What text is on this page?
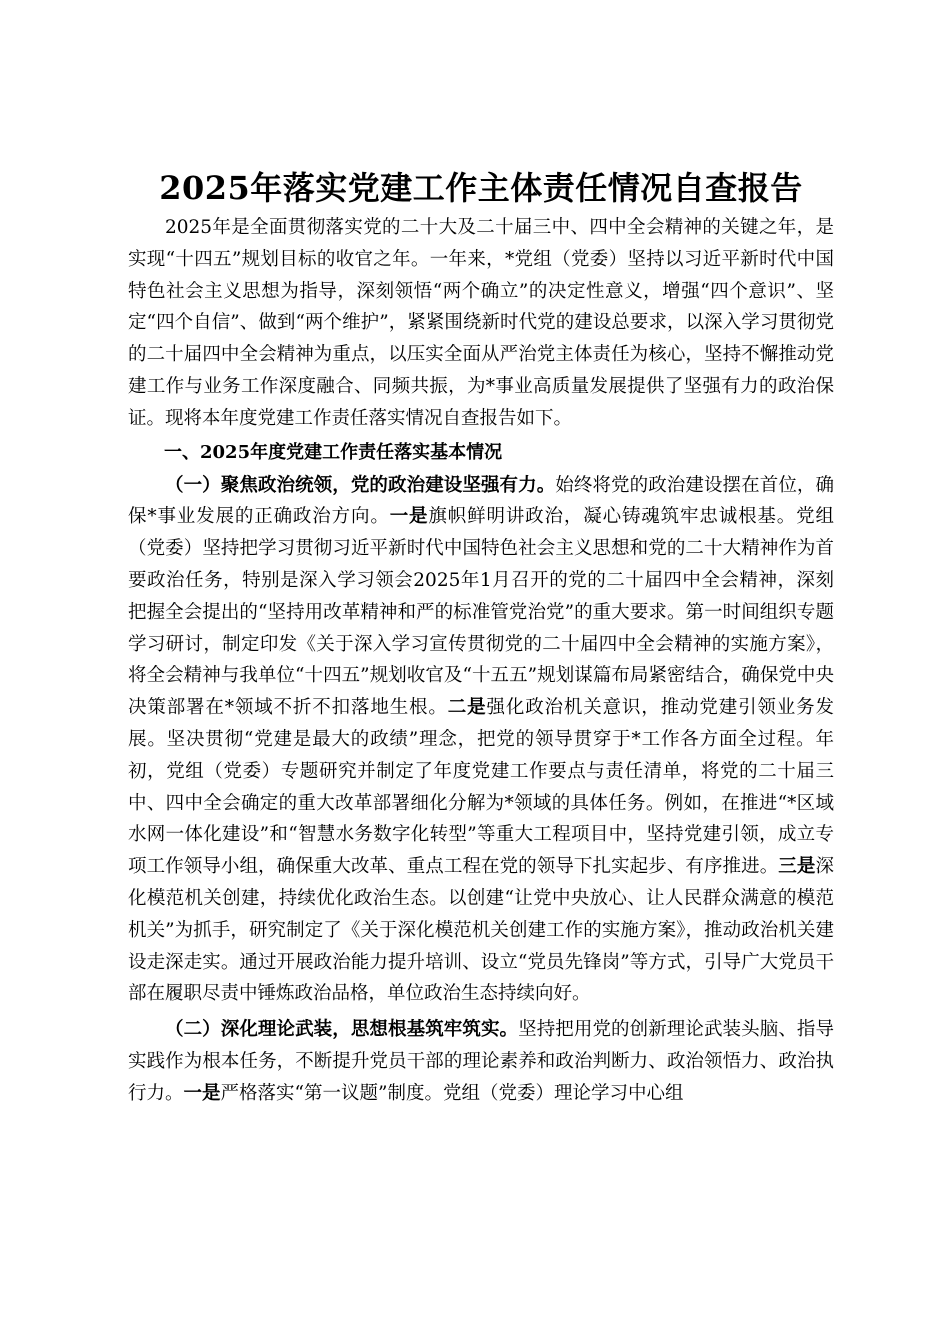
2025年落实党建工作主体责任情况自查报告

2025年是全面贯彻落实党的二十大及二十届三中、四中全会精神的关键之年，是实现“十四五”规划目标的收官之年。一年来，*党组（党委）坚持以习近平新时代中国特色社会主义思想为指导，深刻领悟“两个确立”的决定性意义，增强“四个意识”、坚定“四个自信”、做到“两个维护”，紧紧围绕新时代党的建设总要求，以深入学习贯彻党的二十届四中全会精神为重点，以压实全面从严治党主体责任为核心，坚持不懈推动党建工作与业务工作深度融合、同频共振，为*事业高质量发展提供了坚强有力的政治保证。现将本年度党建工作责任落实情况自查报告如下。

一、2025年度党建工作责任落实基本情况

（一）聚焦政治统领，党的政治建设坚强有力。始终将党的政治建设摆在首位，确保*事业发展的正确政治方向。一是旗帜鲜明讲政治，凝心铸魂筑牢忠诚根基。党组（党委）坚持把学习贯彻习近平新时代中国特色社会主义思想和党的二十大精神作为首要政治任务，特别是深入学习领会2025年1月召开的党的二十届四中全会精神，深刻把握全会提出的“坚持用改革精神和严的标准管党治党”的重大要求。第一时间组织专题学习研讨，制定印发《关于深入学习宣传贯彻党的二十届四中全会精神的实施方案》，将全会精神与我单位“十四五”规划收官及“十五五”规划谋篇布局紧密结合，确保党中央决策部署在*领域不折不扣落地生根。二是强化政治机关意识，推动党建引领业务发展。坚决贯彻“党建是最大的政绩”理念，把党的领导贯穿于*工作各方面全过程。年初，党组（党委）专题研究并制定了年度党建工作要点与责任清单，将党的二十届三中、四中全会确定的重大改革部署细化分解为*领域的具体任务。例如，在推进“*区域水网一体化建设”和“智慧水务数字化转型”等重大工程项目中，坚持党建引领，成立专项工作领导小组，确保重大改革、重点工程在党的领导下扎实起步、有序推进。三是深化模范机关创建，持续优化政治生态。以创建“让党中央放心、让人民群众满意的模范机关”为抓手，研究制定了《关于深化模范机关创建工作的实施方案》，推动政治机关建设走深走实。通过开展政治能力提升培训、设立“党员先锋岗”等方式，引导广大党员干部在履职尽责中锤炼政治品格，单位政治生态持续向好。

（二）深化理论武装，思想根基筑牢筑实。坚持把用党的创新理论武装头脑、指导实践作为根本任务，不断提升党员干部的理论素养和政治判断力、政治领悟力、政治执行力。一是严格落实“第一议题”制度。党组（党委）理论学习中心组
